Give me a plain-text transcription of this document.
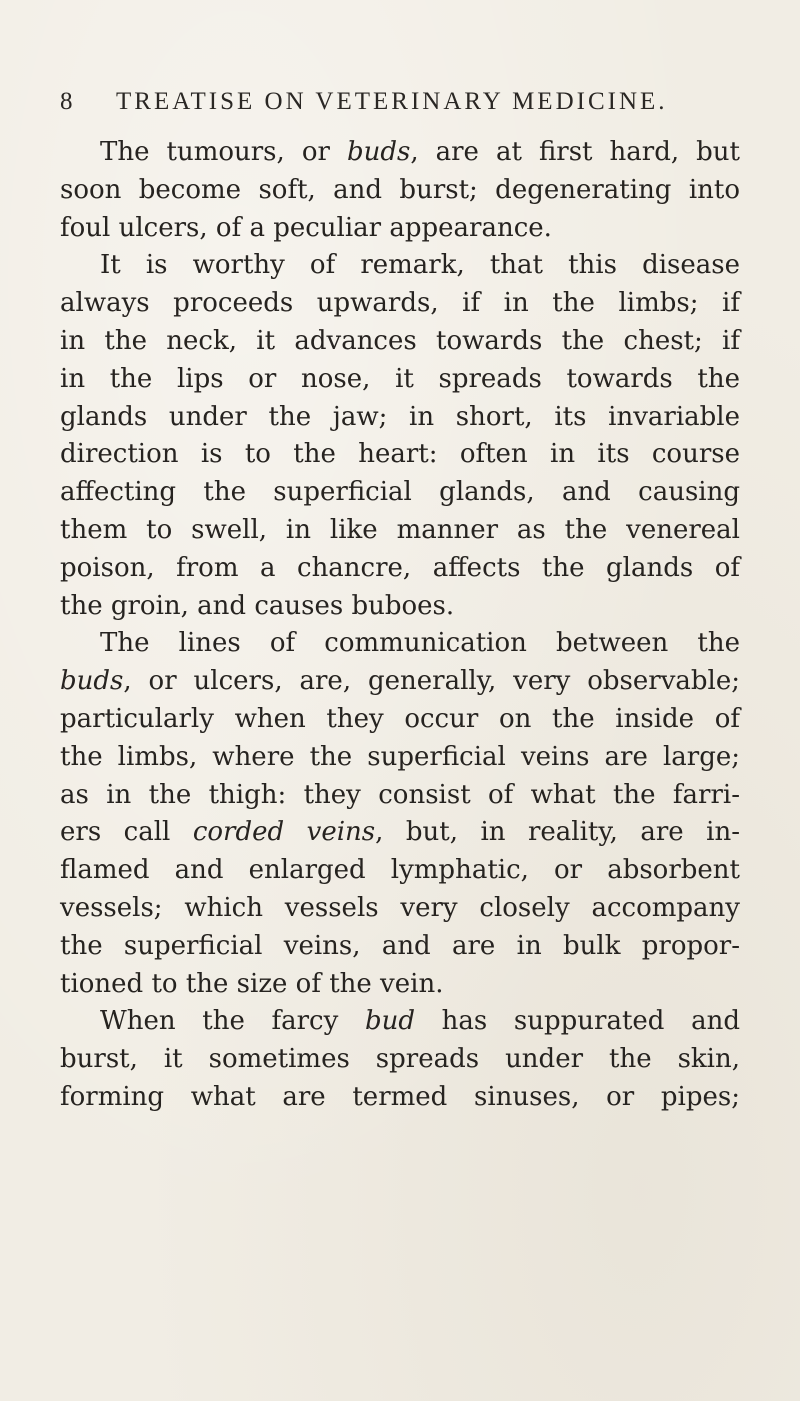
8 TREATISE ON VETERINARY MEDICINE.
The tumours, or buds, are at first hard, but
soon become soft, and burst; degenerating into
foul ulcers, of a peculiar appearance.
It is worthy of remark, that this disease
always proceeds upwards, if in the limbs; if
in the neck, it advances towards the chest; if
in the lips or nose, it spreads towards the
glands under the jaw; in short, its invariable
direction is to the heart: often in its course
affecting the superficial glands, and causing
them to swell, in like manner as the venereal
poison, from a chancre, affects the glands of
the groin, and causes buboes.
The lines of communication between the
buds, or ulcers, are, generally, very observable;
particularly when they occur on the inside of
the limbs, where the superficial veins are large;
as in the thigh: they consist of what the farri-
ers call corded veins, but, in reality, are in-
flamed and enlarged lymphatic, or absorbent
vessels; which vessels very closely accompany
the superficial veins, and are in bulk propor-
tioned to the size of the vein.
When the farcy bud has suppurated and
burst, it sometimes spreads under the skin,
forming what are termed sinuses, or pipes;
